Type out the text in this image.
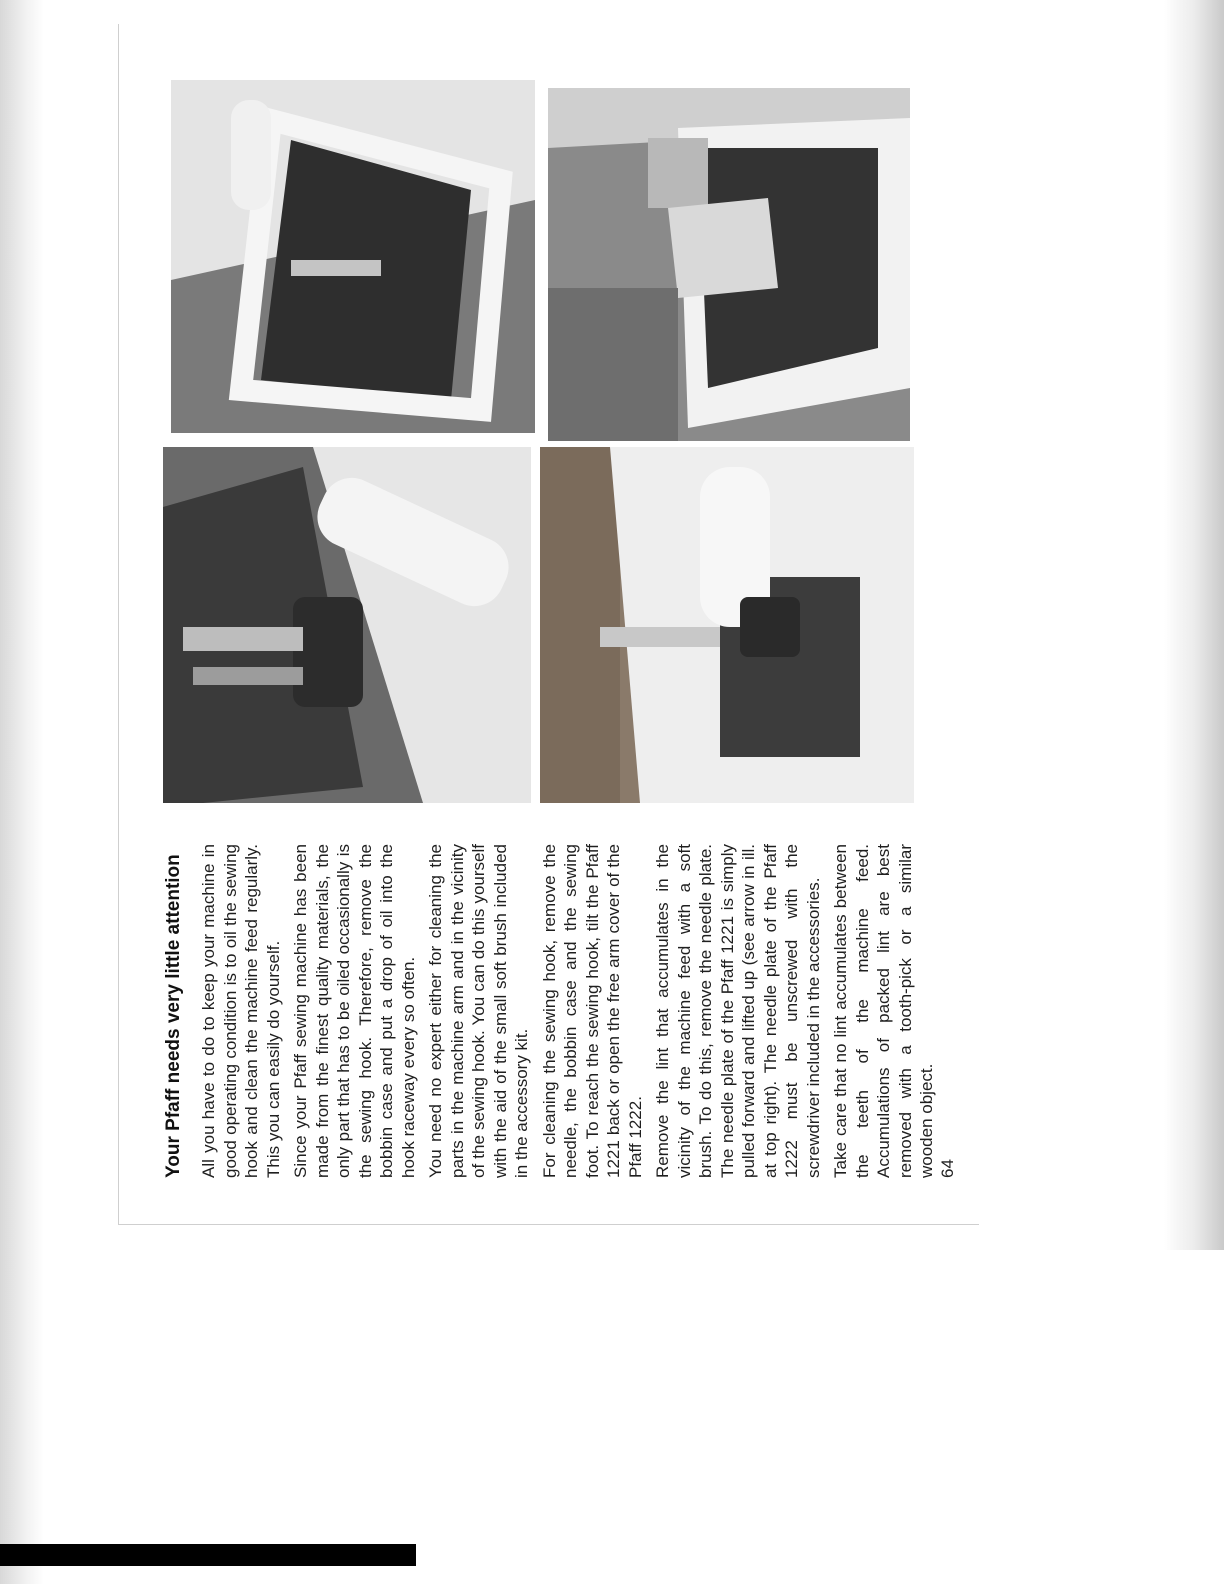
Your Pfaff needs very little attention All you have to do to keep your machine in good operating condition is to oil the sewing hook and clean the machine feed regularly. This you can easily do yourself. Since your Pfaff sewing machine has been made from the finest quality materials, the only part that has to be oiled occasionally is the sewing hook. Therefore, remove the bobbin case and put a drop of oil into the hook raceway every so often. You need no expert either for cleaning the parts in the machine arm and in the vicinity of the sewing hook. You can do this yourself with the aid of the small soft brush included in the accessory kit. For cleaning the sewing hook, remove the needle, the bobbin case and the sewing foot. To reach the sewing hook, tilt the Pfaff 1221 back or open the free arm cover of the Pfaff 1222. Remove the lint that accumulates in the vicinity of the machine feed with a soft brush. To do this, remove the needle plate. The needle plate of the Pfaff 1221 is simply pulled forward and lifted up (see arrow in ill. at top right). The needle plate of the Pfaff 1222 must be unscrewed with the screwdriver included in the accessories. Take care that no lint accumulates between the teeth of the machine feed. Accumulations of packed lint are best removed with a tooth-pick or a similar wooden object. 64
